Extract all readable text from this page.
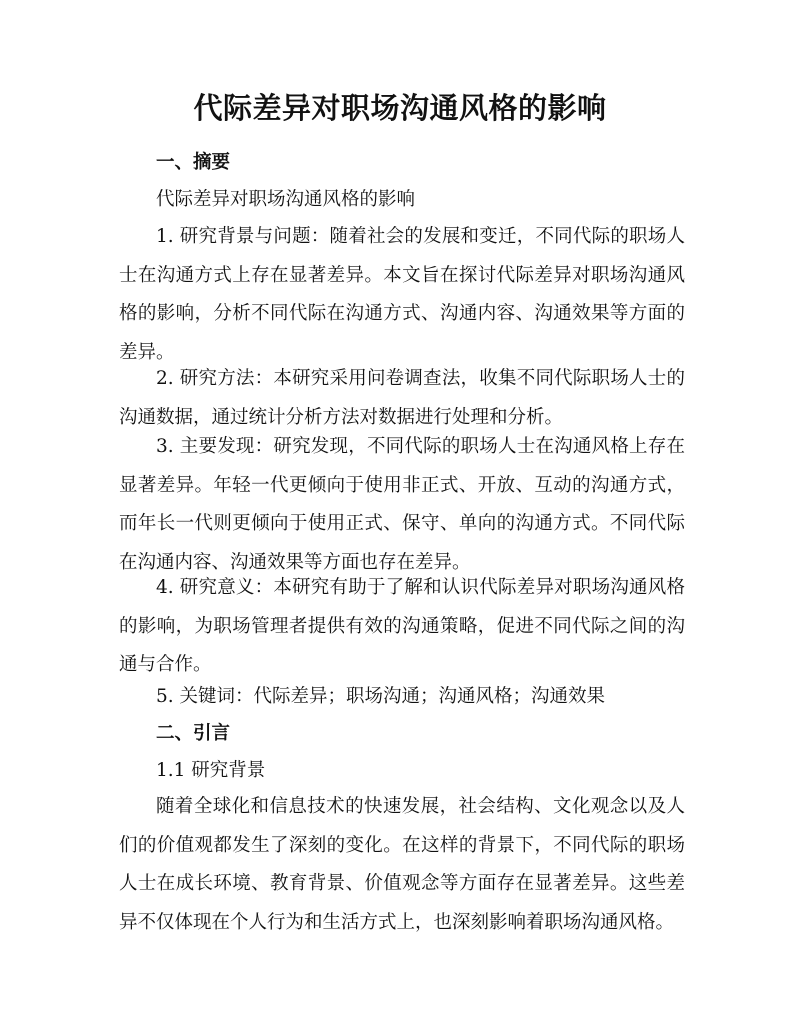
代际差异对职场沟通风格的影响
一、摘要
代际差异对职场沟通风格的影响
1. 研究背景与问题：随着社会的发展和变迁，不同代际的职场人士在沟通方式上存在显著差异。本文旨在探讨代际差异对职场沟通风格的影响，分析不同代际在沟通方式、沟通内容、沟通效果等方面的差异。
2. 研究方法：本研究采用问卷调查法，收集不同代际职场人士的沟通数据，通过统计分析方法对数据进行处理和分析。
3. 主要发现：研究发现，不同代际的职场人士在沟通风格上存在显著差异。年轻一代更倾向于使用非正式、开放、互动的沟通方式，而年长一代则更倾向于使用正式、保守、单向的沟通方式。不同代际在沟通内容、沟通效果等方面也存在差异。
4. 研究意义：本研究有助于了解和认识代际差异对职场沟通风格的影响，为职场管理者提供有效的沟通策略，促进不同代际之间的沟通与合作。
5. 关键词：代际差异；职场沟通；沟通风格；沟通效果
二、引言
1.1 研究背景
随着全球化和信息技术的快速发展，社会结构、文化观念以及人们的价值观都发生了深刻的变化。在这样的背景下，不同代际的职场人士在成长环境、教育背景、价值观念等方面存在显著差异。这些差异不仅体现在个人行为和生活方式上，也深刻影响着职场沟通风格。
